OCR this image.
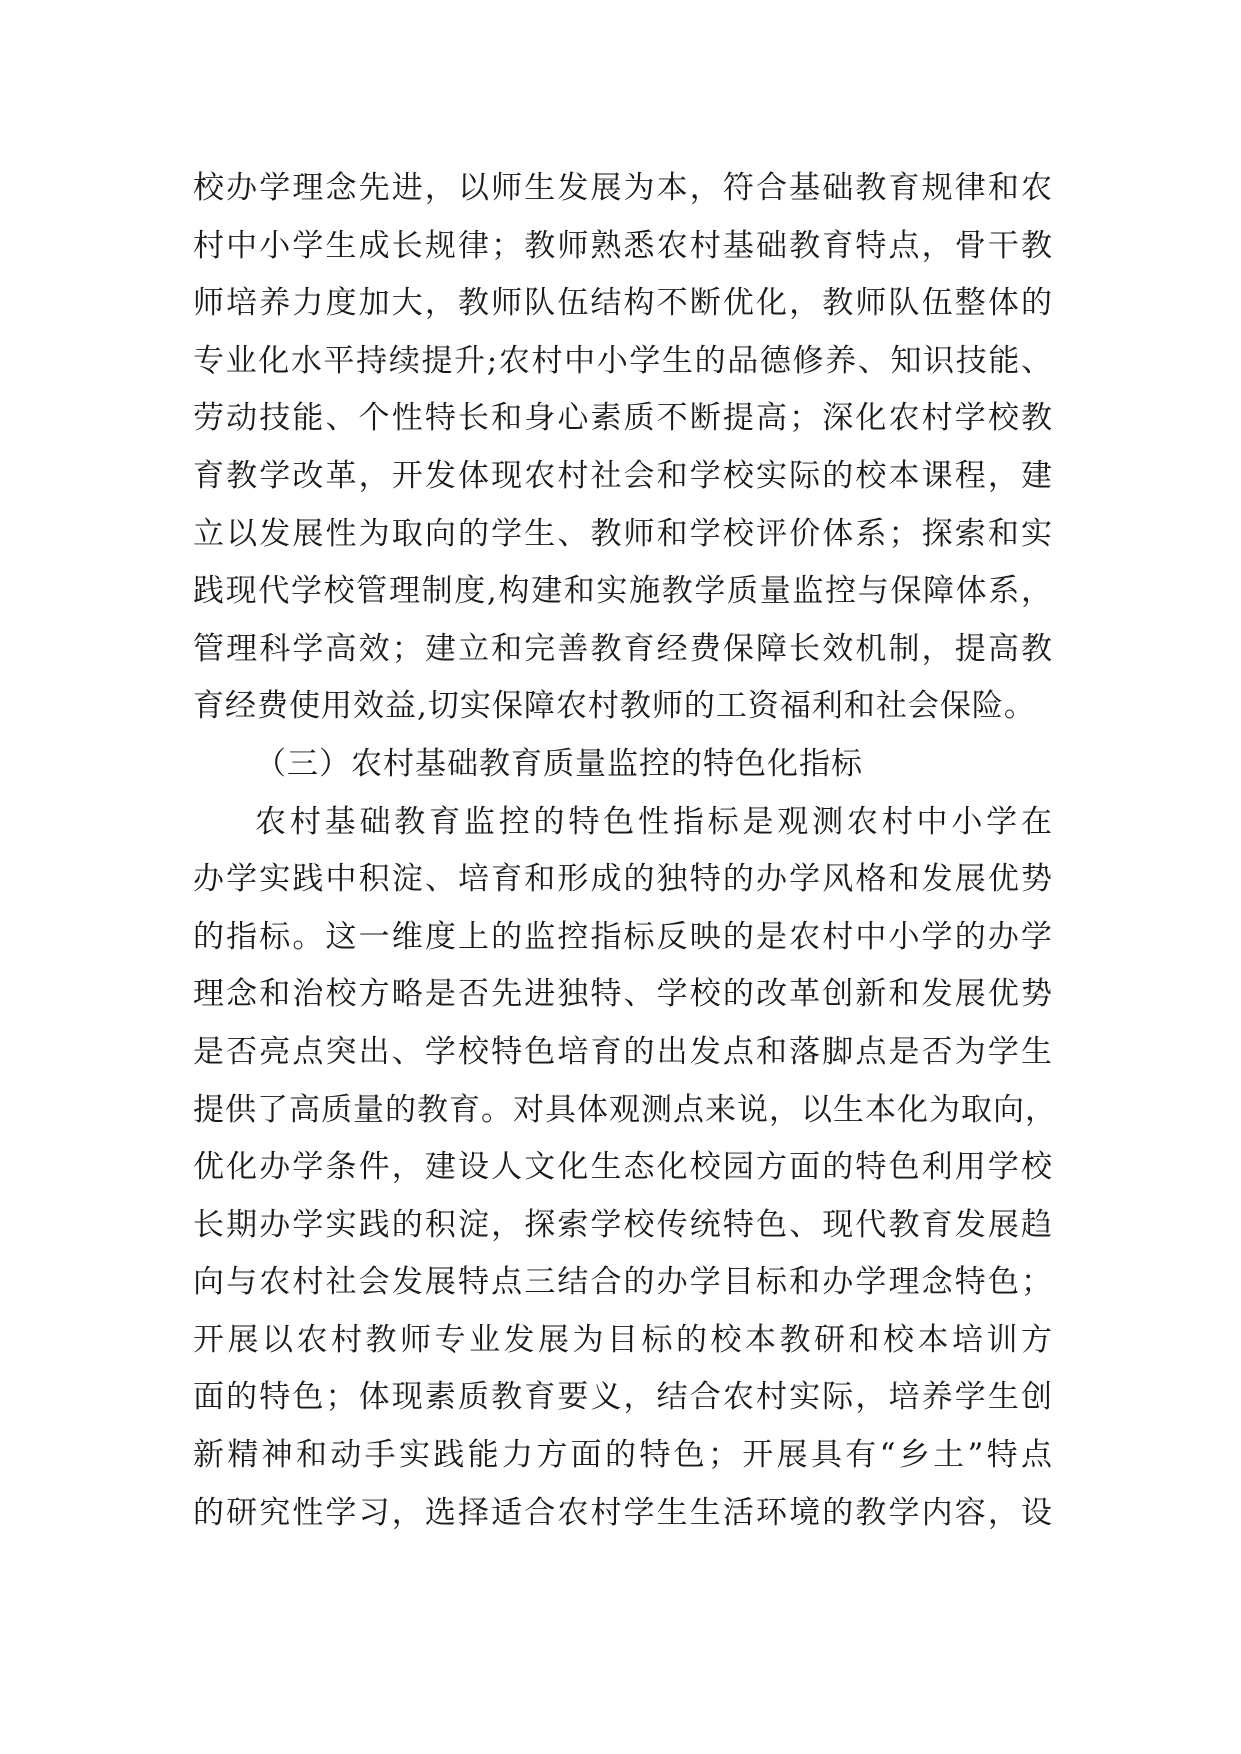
校办学理念先进，以师生发展为本，符合基础教育规律和农
村中小学生成长规律；教师熟悉农村基础教育特点，骨干教
师培养力度加大，教师队伍结构不断优化，教师队伍整体的
专业化水平持续提升;农村中小学生的品德修养、知识技能、
劳动技能、个性特长和身心素质不断提高；深化农村学校教
育教学改革，开发体现农村社会和学校实际的校本课程，建
立以发展性为取向的学生、教师和学校评价体系；探索和实
践现代学校管理制度,构建和实施教学质量监控与保障体系，
管理科学高效；建立和完善教育经费保障长效机制，提高教
育经费使用效益,切实保障农村教师的工资福利和社会保险。
（三）农村基础教育质量监控的特色化指标
农村基础教育监控的特色性指标是观测农村中小学在
办学实践中积淀、培育和形成的独特的办学风格和发展优势
的指标。这一维度上的监控指标反映的是农村中小学的办学
理念和治校方略是否先进独特、学校的改革创新和发展优势
是否亮点突出、学校特色培育的出发点和落脚点是否为学生
提供了高质量的教育。对具体观测点来说，以生本化为取向，
优化办学条件，建设人文化生态化校园方面的特色利用学校
长期办学实践的积淀，探索学校传统特色、现代教育发展趋
向与农村社会发展特点三结合的办学目标和办学理念特色；
开展以农村教师专业发展为目标的校本教研和校本培训方
面的特色；体现素质教育要义，结合农村实际，培养学生创
新精神和动手实践能力方面的特色；开展具有“乡土”特点
的研究性学习，选择适合农村学生生活环境的教学内容，设
